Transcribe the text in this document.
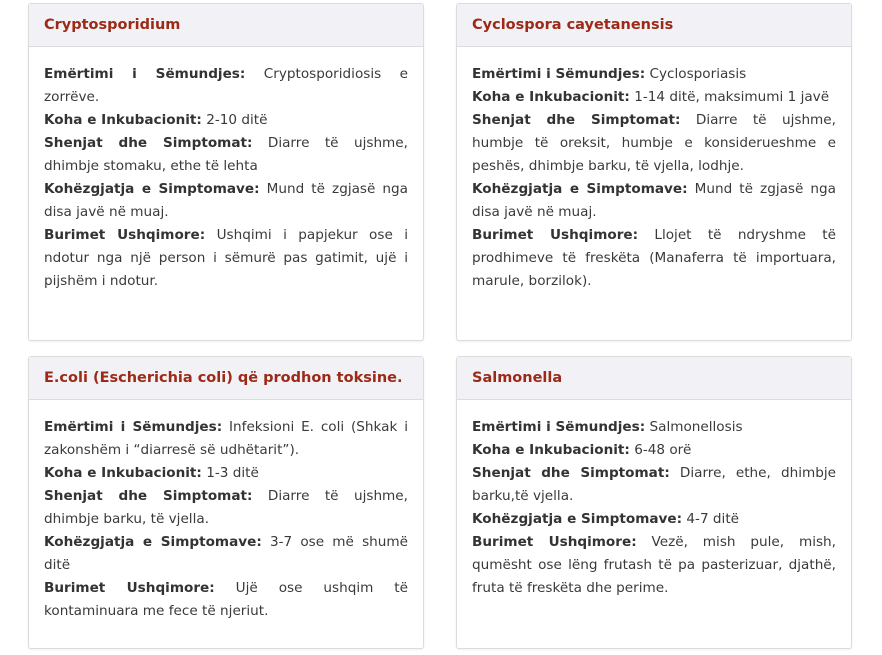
Cryptosporidium

Emërtimi i Sëmundjes: Cryptosporidiosis e zorrëve.

Koha e Inkubacionit: 2-10 ditë

Shenjat dhe Simptomat: Diarre të ujshme, dhimbje stomaku, ethe të lehta

Kohëzgjatja e Simptomave: Mund të zgjasë nga disa javë në muaj.

Burimet Ushqimore: Ushqimi i papjekur ose i ndotur nga një person i sëmurë pas gatimit, ujë i pijshëm i ndotur.

Cyclospora cayetanensis

Emërtimi i Sëmundjes: Cyclosporiasis

Koha e Inkubacionit: 1-14 ditë, maksimumi 1 javë

Shenjat dhe Simptomat: Diarre të ujshme, humbje të oreksit, humbje e konsiderueshme e peshës, dhimbje barku, të vjella, lodhje.

Kohëzgjatja e Simptomave: Mund të zgjasë nga disa javë në muaj.

Burimet Ushqimore: Llojet të ndryshme të prodhimeve të freskëta (Manaferra të importuara, marule, borzilok).

E.coli (Escherichia coli) që prodhon toksine.

Emërtimi i Sëmundjes: Infeksioni E. coli (Shkak i zakonshëm i “diarresë së udhëtarit”).

Koha e Inkubacionit: 1-3 ditë

Shenjat dhe Simptomat: Diarre të ujshme, dhimbje barku, të vjella.

Kohëzgjatja e Simptomave: 3-7 ose më shumë ditë

Burimet Ushqimore: Ujë ose ushqim të kontaminuara me fece të njeriut.

Salmonella

Emërtimi i Sëmundjes: Salmonellosis

Koha e Inkubacionit: 6-48 orë

Shenjat dhe Simptomat: Diarre, ethe, dhimbje barku,të vjella.

Kohëzgjatja e Simptomave: 4-7 ditë

Burimet Ushqimore: Vezë, mish pule, mish, qumësht ose lëng frutash të pa pasterizuar, djathë, fruta të freskëta dhe perime.
